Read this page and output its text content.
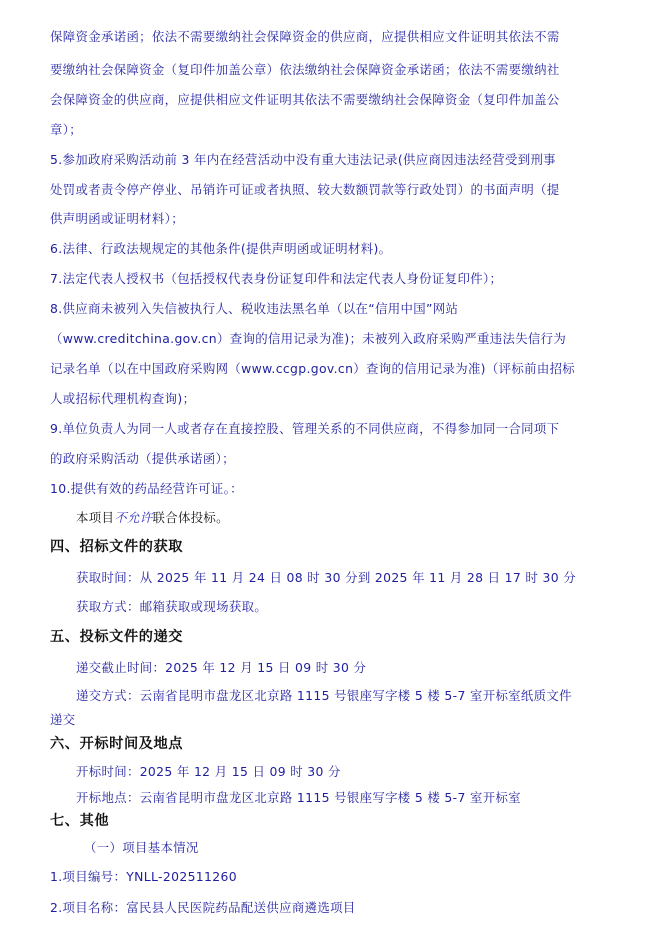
保障资金承诺函；依法不需要缴纳社会保障资金的供应商，应提供相应文件证明其依法不需
要缴纳社会保障资金（复印件加盖公章）依法缴纳社会保障资金承诺函；依法不需要缴纳社
会保障资金的供应商，应提供相应文件证明其依法不需要缴纳社会保障资金（复印件加盖公
章）；
5.参加政府采购活动前 3 年内在经营活动中没有重大违法记录(供应商因违法经营受到刑事
处罚或者责令停产停业、吊销许可证或者执照、较大数额罚款等行政处罚）的书面声明（提
供声明函或证明材料）；
6.法律、行政法规规定的其他条件(提供声明函或证明材料)。
7.法定代表人授权书（包括授权代表身份证复印件和法定代表人身份证复印件）；
8.供应商未被列入失信被执行人、税收违法黑名单（以在“信用中国”网站
（www.creditchina.gov.cn）查询的信用记录为准)；未被列入政府采购严重违法失信行为
记录名单（以在中国政府采购网（www.ccgp.gov.cn）查询的信用记录为准)（评标前由招标
人或招标代理机构查询)；
9.单位负责人为同一人或者存在直接控股、管理关系的不同供应商，不得参加同一合同项下
的政府采购活动（提供承诺函）；
10.提供有效的药品经营许可证。：
本项目不允许联合体投标。
四、招标文件的获取
获取时间：从 2025 年 11 月 24 日 08 时 30 分到 2025 年 11 月 28 日 17 时 30 分
获取方式：邮箱获取或现场获取。
五、投标文件的递交
递交截止时间：2025 年 12 月 15 日 09 时 30 分
递交方式：云南省昆明市盘龙区北京路 1115 号银座写字楼 5 楼 5-7 室开标室纸质文件
递交
六、开标时间及地点
开标时间：2025 年 12 月 15 日 09 时 30 分
开标地点：云南省昆明市盘龙区北京路 1115 号银座写字楼 5 楼 5-7 室开标室
七、其他
（一）项目基本情况
1.项目编号：YNLL-202511260
2.项目名称：富民县人民医院药品配送供应商遴选项目
